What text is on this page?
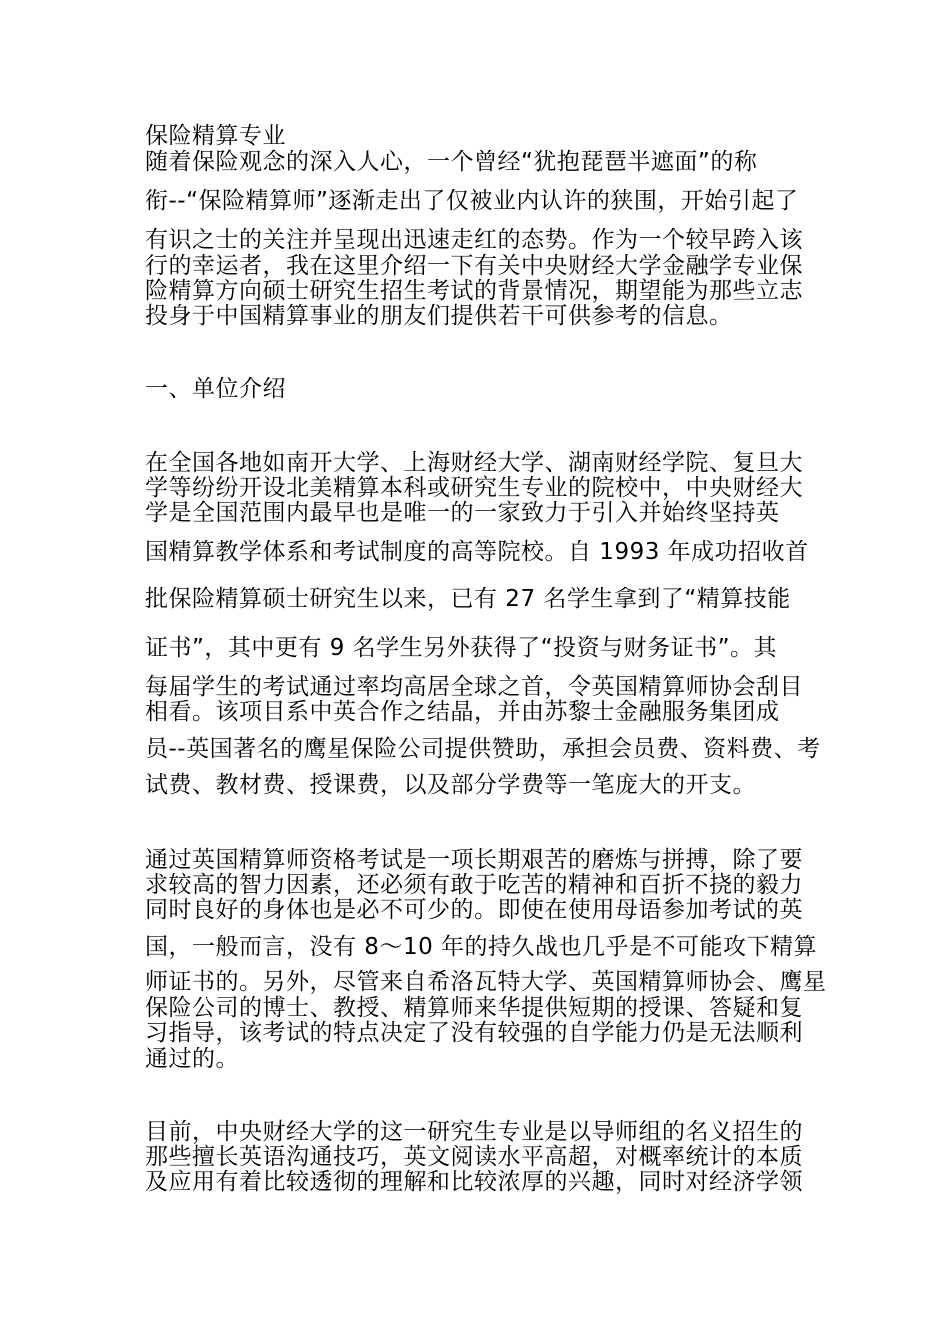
保险精算专业
随着保险观念的深入人心，一个曾经“犹抱琵琶半遮面”的称
衔--“保险精算师”逐渐走出了仅被业内认许的狭围，开始引起了
有识之士的关注并呈现出迅速走红的态势。作为一个较早跨入该
行的幸运者，我在这里介绍一下有关中央财经大学金融学专业保
险精算方向硕士研究生招生考试的背景情况，期望能为那些立志
投身于中国精算事业的朋友们提供若干可供参考的信息。
一、单位介绍
在全国各地如南开大学、上海财经大学、湖南财经学院、复旦大
学等纷纷开设北美精算本科或研究生专业的院校中，中央财经大
学是全国范围内最早也是唯一的一家致力于引入并始终坚持英
国精算教学体系和考试制度的高等院校。自 1993 年成功招收首
批保险精算硕士研究生以来，已有 27 名学生拿到了“精算技能
证书”，其中更有 9 名学生另外获得了“投资与财务证书”。其
每届学生的考试通过率均高居全球之首，令英国精算师协会刮目
相看。该项目系中英合作之结晶，并由苏黎士金融服务集团成
员--英国著名的鹰星保险公司提供赞助，承担会员费、资料费、考
试费、教材费、授课费，以及部分学费等一笔庞大的开支。
通过英国精算师资格考试是一项长期艰苦的磨炼与拼搏，除了要
求较高的智力因素，还必须有敢于吃苦的精神和百折不挠的毅力
同时良好的身体也是必不可少的。即使在使用母语参加考试的英
国，一般而言，没有 8～10 年的持久战也几乎是不可能攻下精算
师证书的。另外，尽管来自希洛瓦特大学、英国精算师协会、鹰星
保险公司的博士、教授、精算师来华提供短期的授课、答疑和复
习指导，该考试的特点决定了没有较强的自学能力仍是无法顺利
通过的。
目前，中央财经大学的这一研究生专业是以导师组的名义招生的
那些擅长英语沟通技巧，英文阅读水平高超，对概率统计的本质
及应用有着比较透彻的理解和比较浓厚的兴趣，同时对经济学领
